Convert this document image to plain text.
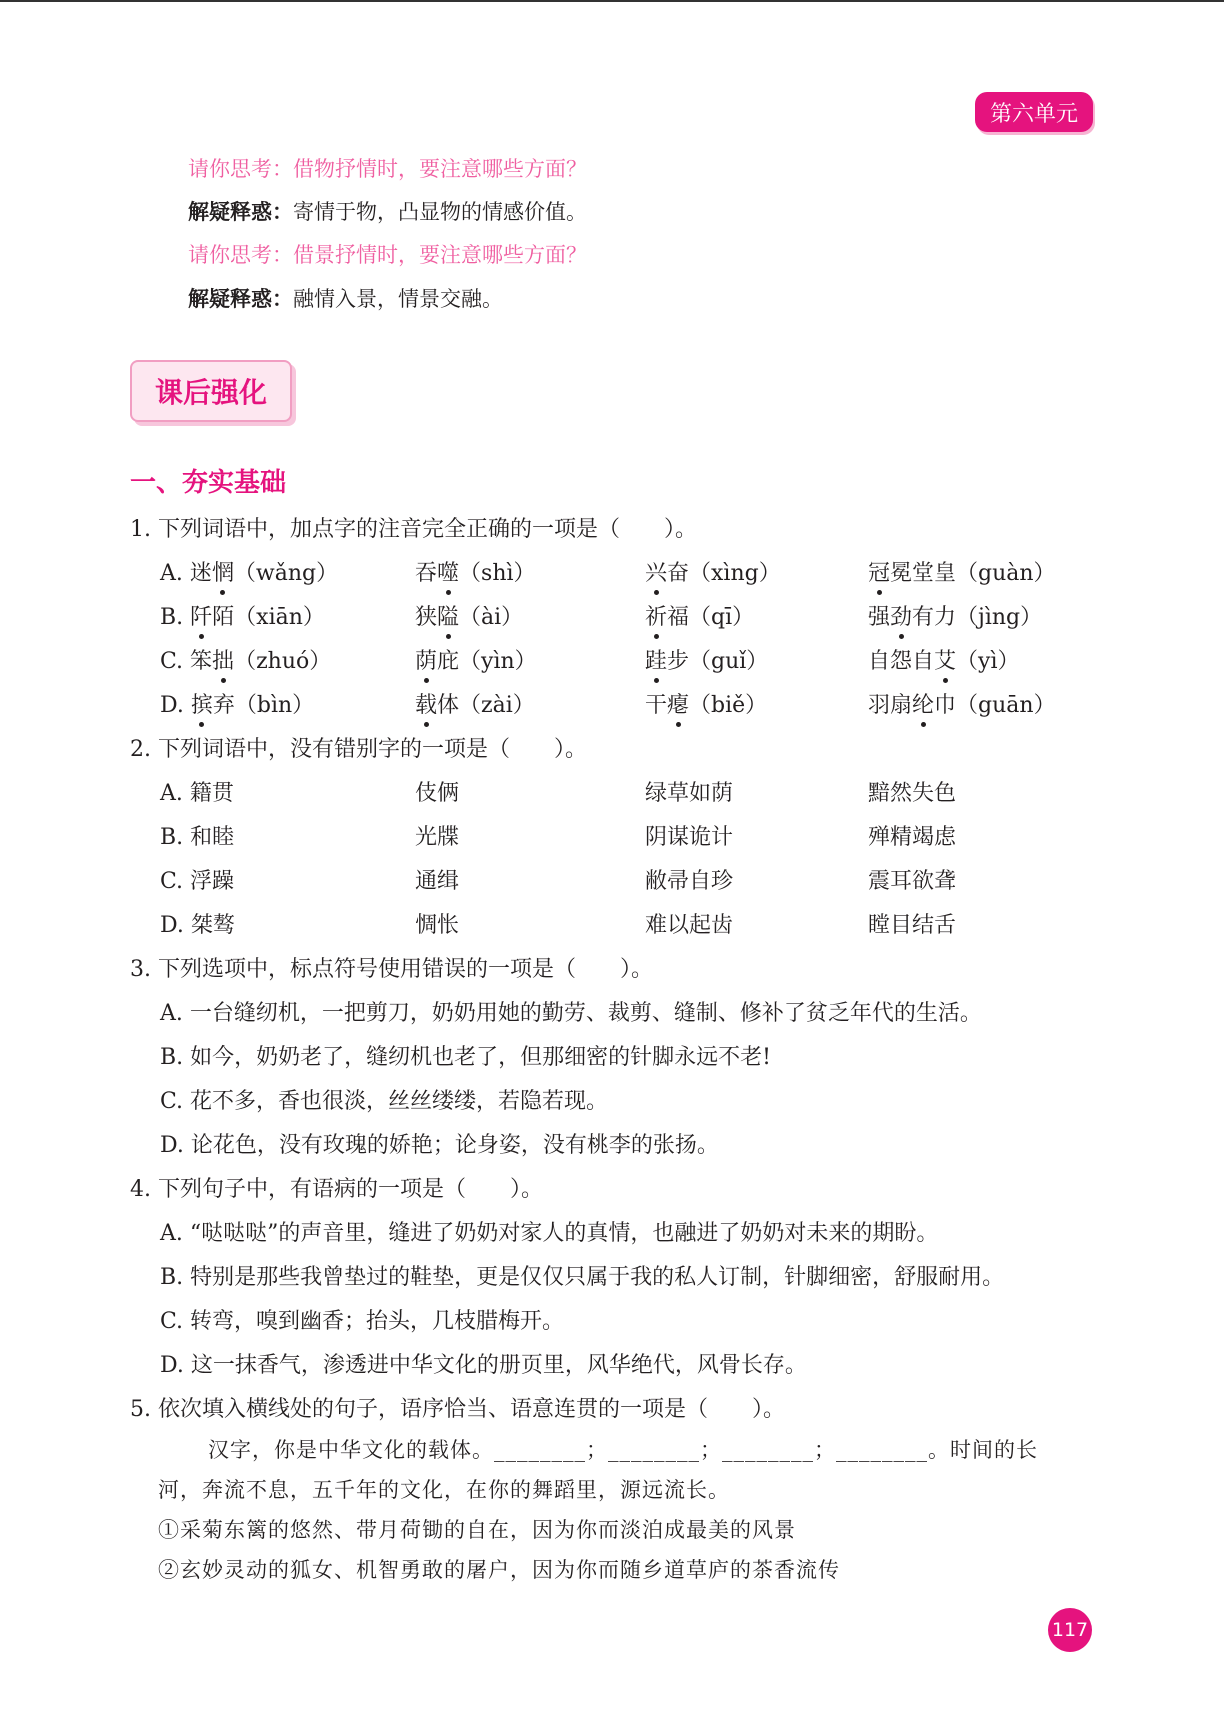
第六单元
请你思考：借物抒情时，要注意哪些方面？
解疑释惑：寄情于物，凸显物的情感价值。
请你思考：借景抒情时，要注意哪些方面？
解疑释惑：融情入景，情景交融。
课后强化
一、夯实基础
1. 下列词语中，加点字的注音完全正确的一项是（　　）。
A. 迷惘（wǎng）	吞噬（shì）	兴奋（xìng）	冠冕堂皇（guàn）
B. 阡陌（xiān）	狭隘（ài）	祈福（qī）	强劲有力（jìng）
C. 笨拙（zhuó）	荫庇（yìn）	跬步（guǐ）	自怨自艾（yì）
D. 摈弃（bìn）	载体（zài）	干瘪（biě）	羽扇纶巾（guān）
2. 下列词语中，没有错别字的一项是（　　）。
A. 籍贯	伎俩	绿草如荫	黯然失色
B. 和睦	光牒	阴谋诡计	殚精竭虑
C. 浮躁	通缉	敝帚自珍	震耳欲聋
D. 桀骜	惆怅	难以起齿	瞠目结舌
3. 下列选项中，标点符号使用错误的一项是（　　）。
A. 一台缝纫机，一把剪刀，奶奶用她的勤劳、裁剪、缝制、修补了贫乏年代的生活。
B. 如今，奶奶老了，缝纫机也老了，但那细密的针脚永远不老!
C. 花不多，香也很淡，丝丝缕缕，若隐若现。
D. 论花色，没有玫瑰的娇艳；论身姿，没有桃李的张扬。
4. 下列句子中，有语病的一项是（　　）。
A. “哒哒哒”的声音里，缝进了奶奶对家人的真情，也融进了奶奶对未来的期盼。
B. 特别是那些我曾垫过的鞋垫，更是仅仅只属于我的私人订制，针脚细密，舒服耐用。
C. 转弯，嗅到幽香；抬头，几枝腊梅开。
D. 这一抹香气，渗透进中华文化的册页里，风华绝代，风骨长存。
5. 依次填入横线处的句子，语序恰当、语意连贯的一项是（　　）。
汉字，你是中华文化的载体。________；________；________；________。时间的长
河，奔流不息，五千年的文化，在你的舞蹈里，源远流长。
①采菊东篱的悠然、带月荷锄的自在，因为你而淡泊成最美的风景
②玄妙灵动的狐女、机智勇敢的屠户，因为你而随乡道草庐的茶香流传
117
